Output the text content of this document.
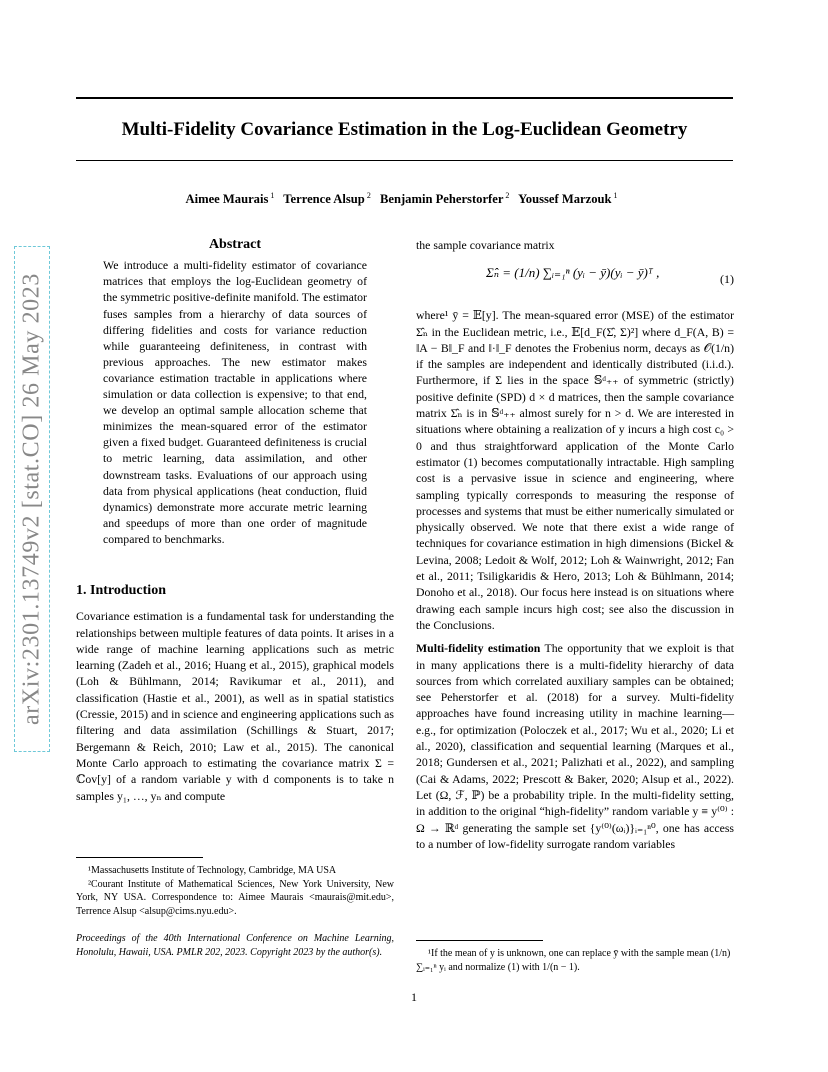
arXiv:2301.13749v2 [stat.CO] 26 May 2023
Multi-Fidelity Covariance Estimation in the Log-Euclidean Geometry
Aimee Maurais $^1$ Terrence Alsup $^2$ Benjamin Peherstorfer $^2$ Youssef Marzouk $^1$
Abstract

We introduce a multi-fidelity estimator of covariance matrices that employs the log-Euclidean geometry of the symmetric positive-definite manifold. The estimator fuses samples from a hierarchy of data sources of differing fidelities and costs for variance reduction while guaranteeing definiteness, in contrast with previous approaches. The new estimator makes covariance estimation tractable in applications where simulation or data collection is expensive; to that end, we develop an optimal sample allocation scheme that minimizes the mean-squared error of the estimator given a fixed budget. Guaranteed definiteness is crucial to metric learning, data assimilation, and other downstream tasks. Evaluations of our approach using data from physical applications (heat conduction, fluid dynamics) demonstrate more accurate metric learning and speedups of more than one order of magnitude compared to benchmarks.

1. Introduction

Covariance estimation is a fundamental task for understanding the relationships between multiple features of data points. It arises in a wide range of machine learning applications such as metric learning (Zadeh et al., 2016; Huang et al., 2015), graphical models (Loh & Bühlmann, 2014; Ravikumar et al., 2011), and classification (Hastie et al., 2001), as well as in spatial statistics (Cressie, 2015) and in science and engineering applications such as filtering and data assimilation (Schillings & Stuart, 2017; Bergemann & Reich, 2010; Law et al., 2015). The canonical Monte Carlo approach to estimating the covariance matrix Σ = ℂov[y] of a random variable y with d components is to take n samples y₁, …, yₙ and compute

¹Massachusetts Institute of Technology, Cambridge, MA USA

²Courant Institute of Mathematical Sciences, New York University, New York, NY USA. Correspondence to: Aimee Maurais <maurais@mit.edu>, Terrence Alsup <alsup@cims.nyu.edu>.

Proceedings of the 40th International Conference on Machine Learning, Honolulu, Hawaii, USA. PMLR 202, 2023. Copyright 2023 by the author(s).

the sample covariance matrix

Σ̂ₙ = (1/n) ∑ᵢ₌₁ⁿ (yᵢ − ȳ)(yᵢ − ȳ)ᵀ ,	(1)

where¹ ȳ = 𝔼[y]. The mean-squared error (MSE) of the estimator Σ̂ₙ in the Euclidean metric, i.e., 𝔼[d_F(Σ̂, Σ)²] where d_F(A, B) = ‖A − B‖_F and ‖·‖_F denotes the Frobenius norm, decays as 𝒪(1/n) if the samples are independent and identically distributed (i.i.d.). Furthermore, if Σ lies in the space 𝕊ᵈ₊₊ of symmetric (strictly) positive definite (SPD) d × d matrices, then the sample covariance matrix Σ̂ₙ is in 𝕊ᵈ₊₊ almost surely for n > d. We are interested in situations where obtaining a realization of y incurs a high cost c₀ > 0 and thus straightforward application of the Monte Carlo estimator (1) becomes computationally intractable. High sampling cost is a pervasive issue in science and engineering, where sampling typically corresponds to measuring the response of processes and systems that must be either numerically simulated or physically observed. We note that there exist a wide range of techniques for covariance estimation in high dimensions (Bickel & Levina, 2008; Ledoit & Wolf, 2012; Loh & Wainwright, 2012; Fan et al., 2011; Tsiligkaridis & Hero, 2013; Loh & Bühlmann, 2014; Donoho et al., 2018). Our focus here instead is on situations where drawing each sample incurs high cost; see also the discussion in the Conclusions.

Multi-fidelity estimation The opportunity that we exploit is that in many applications there is a multi-fidelity hierarchy of data sources from which correlated auxiliary samples can be obtained; see Peherstorfer et al. (2018) for a survey. Multi-fidelity approaches have found increasing utility in machine learning—e.g., for optimization (Poloczek et al., 2017; Wu et al., 2020; Li et al., 2020), classification and sequential learning (Marques et al., 2018; Gundersen et al., 2021; Palizhati et al., 2022), and sampling (Cai & Adams, 2022; Prescott & Baker, 2020; Alsup et al., 2022). Let (Ω, ℱ, ℙ) be a probability triple. In the multi-fidelity setting, in addition to the original “high-fidelity” random variable y ≡ y⁽⁰⁾ : Ω → ℝᵈ generating the sample set {y⁽⁰⁾(ωᵢ)}ᵢ₌₁ⁿ⁰, one has access to a number of low-fidelity surrogate random variables

¹If the mean of y is unknown, one can replace ȳ with the sample mean (1/n) ∑ᵢ₌₁ⁿ yᵢ and normalize (1) with 1/(n − 1).

1
